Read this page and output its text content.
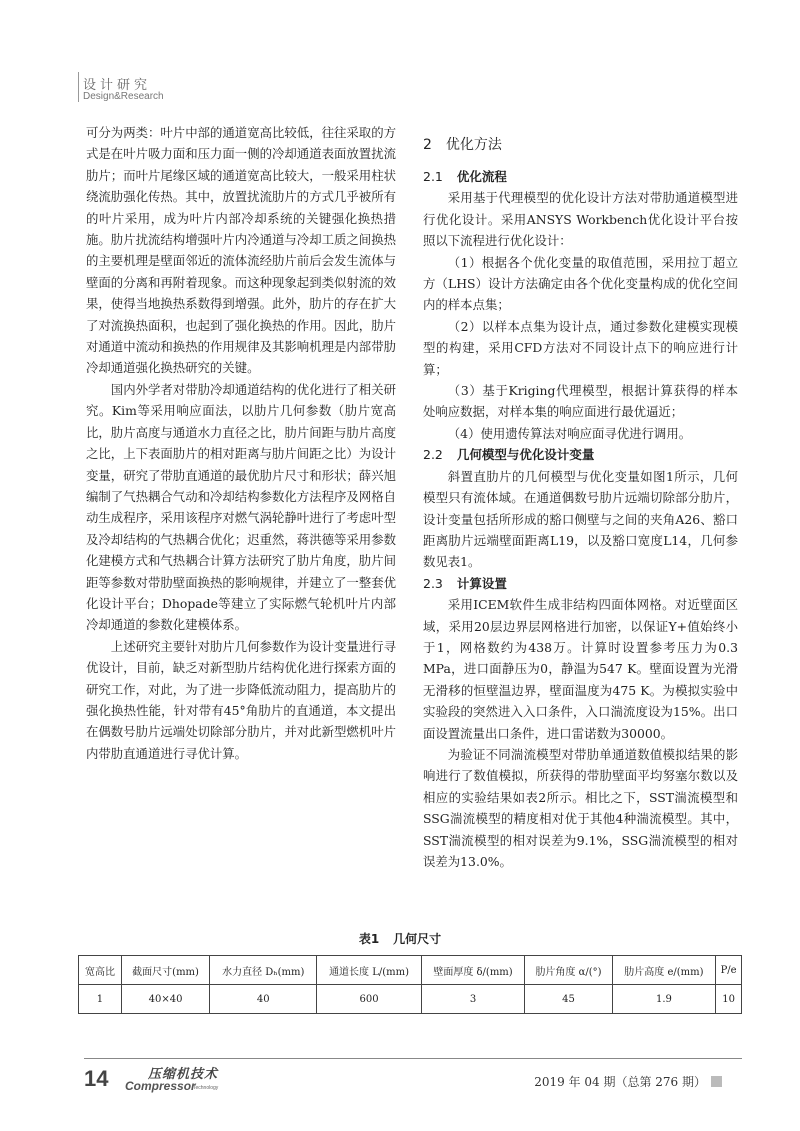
设计研究
Design&Research

可分为两类：叶片中部的通道宽高比较低，往往采取的方式是在叶片吸力面和压力面一侧的冷却通道表面放置扰流肋片；而叶片尾缘区域的通道宽高比较大，一般采用柱状绕流肋强化传热。其中，放置扰流肋片的方式几乎被所有的叶片采用，成为叶片内部冷却系统的关键强化换热措施。肋片扰流结构增强叶片内冷通道与冷却工质之间换热的主要机理是壁面邻近的流体流经肋片前后会发生流体与壁面的分离和再附着现象。而这种现象起到类似射流的效果，使得当地换热系数得到增强。此外，肋片的存在扩大了对流换热面积，也起到了强化换热的作用。因此，肋片对通道中流动和换热的作用规律及其影响机理是内部带肋冷却通道强化换热研究的关键。

国内外学者对带肋冷却通道结构的优化进行了相关研究。Kim等采用响应面法，以肋片几何参数（肋片宽高比，肋片高度与通道水力直径之比，肋片间距与肋片高度之比，上下表面肋片的相对距离与肋片间距之比）为设计变量，研究了带肋直通道的最优肋片尺寸和形状；薛兴旭编制了气热耦合气动和冷却结构参数化方法程序及网格自动生成程序，采用该程序对燃气涡轮静叶进行了考虑叶型及冷却结构的气热耦合优化；迟重然，蒋洪德等采用参数化建模方式和气热耦合计算方法研究了肋片角度，肋片间距等参数对带肋壁面换热的影响规律，并建立了一整套优化设计平台；Dhopade等建立了实际燃气轮机叶片内部冷却通道的参数化建模体系。

上述研究主要针对肋片几何参数作为设计变量进行寻优设计，目前，缺乏对新型肋片结构优化进行探索方面的研究工作，对此，为了进一步降低流动阻力，提高肋片的强化换热性能，针对带有45°角肋片的直通道，本文提出在偶数号肋片远端处切除部分肋片，并对此新型燃机叶片内带肋直通道进行寻优计算。

2 优化方法
2.1 优化流程

采用基于代理模型的优化设计方法对带肋通道模型进行优化设计。采用ANSYS Workbench优化设计平台按照以下流程进行优化设计：

（1）根据各个优化变量的取值范围，采用拉丁超立方（LHS）设计方法确定由各个优化变量构成的优化空间内的样本点集；

（2）以样本点集为设计点，通过参数化建模实现模型的构建，采用CFD方法对不同设计点下的响应进行计算；

（3）基于Kriging代理模型，根据计算获得的样本处响应数据，对样本集的响应面进行最优逼近；

（4）使用遗传算法对响应面寻优进行调用。

2.2 几何模型与优化设计变量

斜置直肋片的几何模型与优化变量如图1所示，几何模型只有流体域。在通道偶数号肋片远端切除部分肋片，设计变量包括所形成的豁口侧壁与之间的夹角A26、豁口距离肋片远端壁面距离L19，以及豁口宽度L14，几何参数见表1。

2.3 计算设置

采用ICEM软件生成非结构四面体网格。对近壁面区域，采用20层边界层网格进行加密，以保证Y+值始终小于1，网格数约为438万。计算时设置参考压力为0.3 MPa，进口面静压为0，静温为547 K。壁面设置为光滑无滑移的恒壁温边界，壁面温度为475 K。为模拟实验中实验段的突然进入入口条件，入口湍流度设为15%。出口面设置流量出口条件，进口雷诺数为30000。

为验证不同湍流模型对带肋单通道数值模拟结果的影响进行了数值模拟，所获得的带肋壁面平均努塞尔数以及相应的实验结果如表2所示。相比之下，SST湍流模型和SSG湍流模型的精度相对优于其他4种湍流模型。其中，SST湍流模型的相对误差为9.1%，SSG湍流模型的相对误差为13.0%。

表1 几何尺寸
宽高比	截面尺寸(mm)	水力直径 Dₕ(mm)	通道长度 L/(mm)	壁面厚度 δ/(mm)	肋片角度 α/(°)	肋片高度 e/(mm)	P/e
1	40×40	40	600	3	45	1.9	10
14	压缩机技术
Compressor
Technology	2019 年 04 期（总第 276 期）
